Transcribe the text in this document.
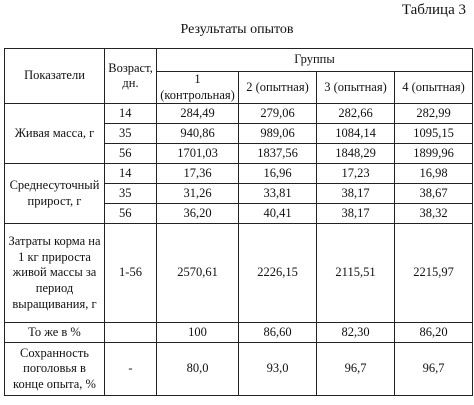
Таблица 3
Результаты опытов
Показатели	Возраст, дн.	Группы			
		1 (контрольная)	2 (опытная)	3 (опытная)	4 (опытная)
Живая масса, г	14	284,49	279,06	282,66	282,99
	35	940,86	989,06	1084,14	1095,15
	56	1701,03	1837,56	1848,29	1899,96
Среднесуточный прирост, г	14	17,36	16,96	17,23	16,98
	35	31,26	33,81	38,17	38,67
	56	36,20	40,41	38,17	38,32
Затраты корма на 1 кг прироста живой массы за период выращивания, г	1-56	2570,61	2226,15	2115,51	2215,97
То же в %		100	86,60	82,30	86,20
Сохранность поголовья в конце опыта, %	-	80,0	93,0	96,7	96,7
